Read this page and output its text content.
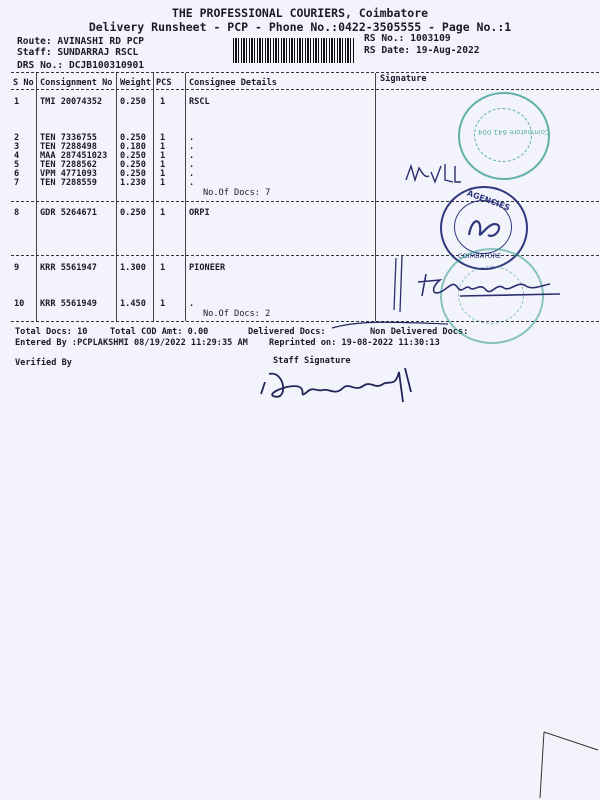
THE PROFESSIONAL COURIERS, Coimbatore
Delivery Runsheet - PCP - Phone No.:0422-3505555 - Page No.:1
Route: AVINASHI RD PCP
Staff: SUNDARRAJ RSCL
DRS No.: DCJB100310901
RS No.: 1003109
RS Date: 19-Aug-2022
S No Consignment No Weight PCS Consignee Details	Signature
1 TMI 20074352 0.250 1	RSCL
2 TEN 7336755	0.250 1	.
3 TEN 7288498	0.180 1	.
4 MAA 287451023 0.250 1	.
5 TEN 7288562	0.250 1	.
6 VPM 4771093	0.250 1	.
7 TEN 7288559	1.230 1	.
No.Of Docs: 7
8 GDR 5264671	0.250 1	ORPI
9 KRR 5561947	1.300 1	PIONEER
10 KRR 5561949	1.450 1	.
No.Of Docs: 2
Total Docs: 10	Total COD Amt: 0.00	Delivered Docs:	Non Delivered Docs:
Entered By :PCPLAKSHMI 08/19/2022 11:29:35 AM Reprinted on: 19-08-2022 11:30:13
Verified By	Staff Signature
Coimbatore 641 004
AGENCIES
COIMBATORE
